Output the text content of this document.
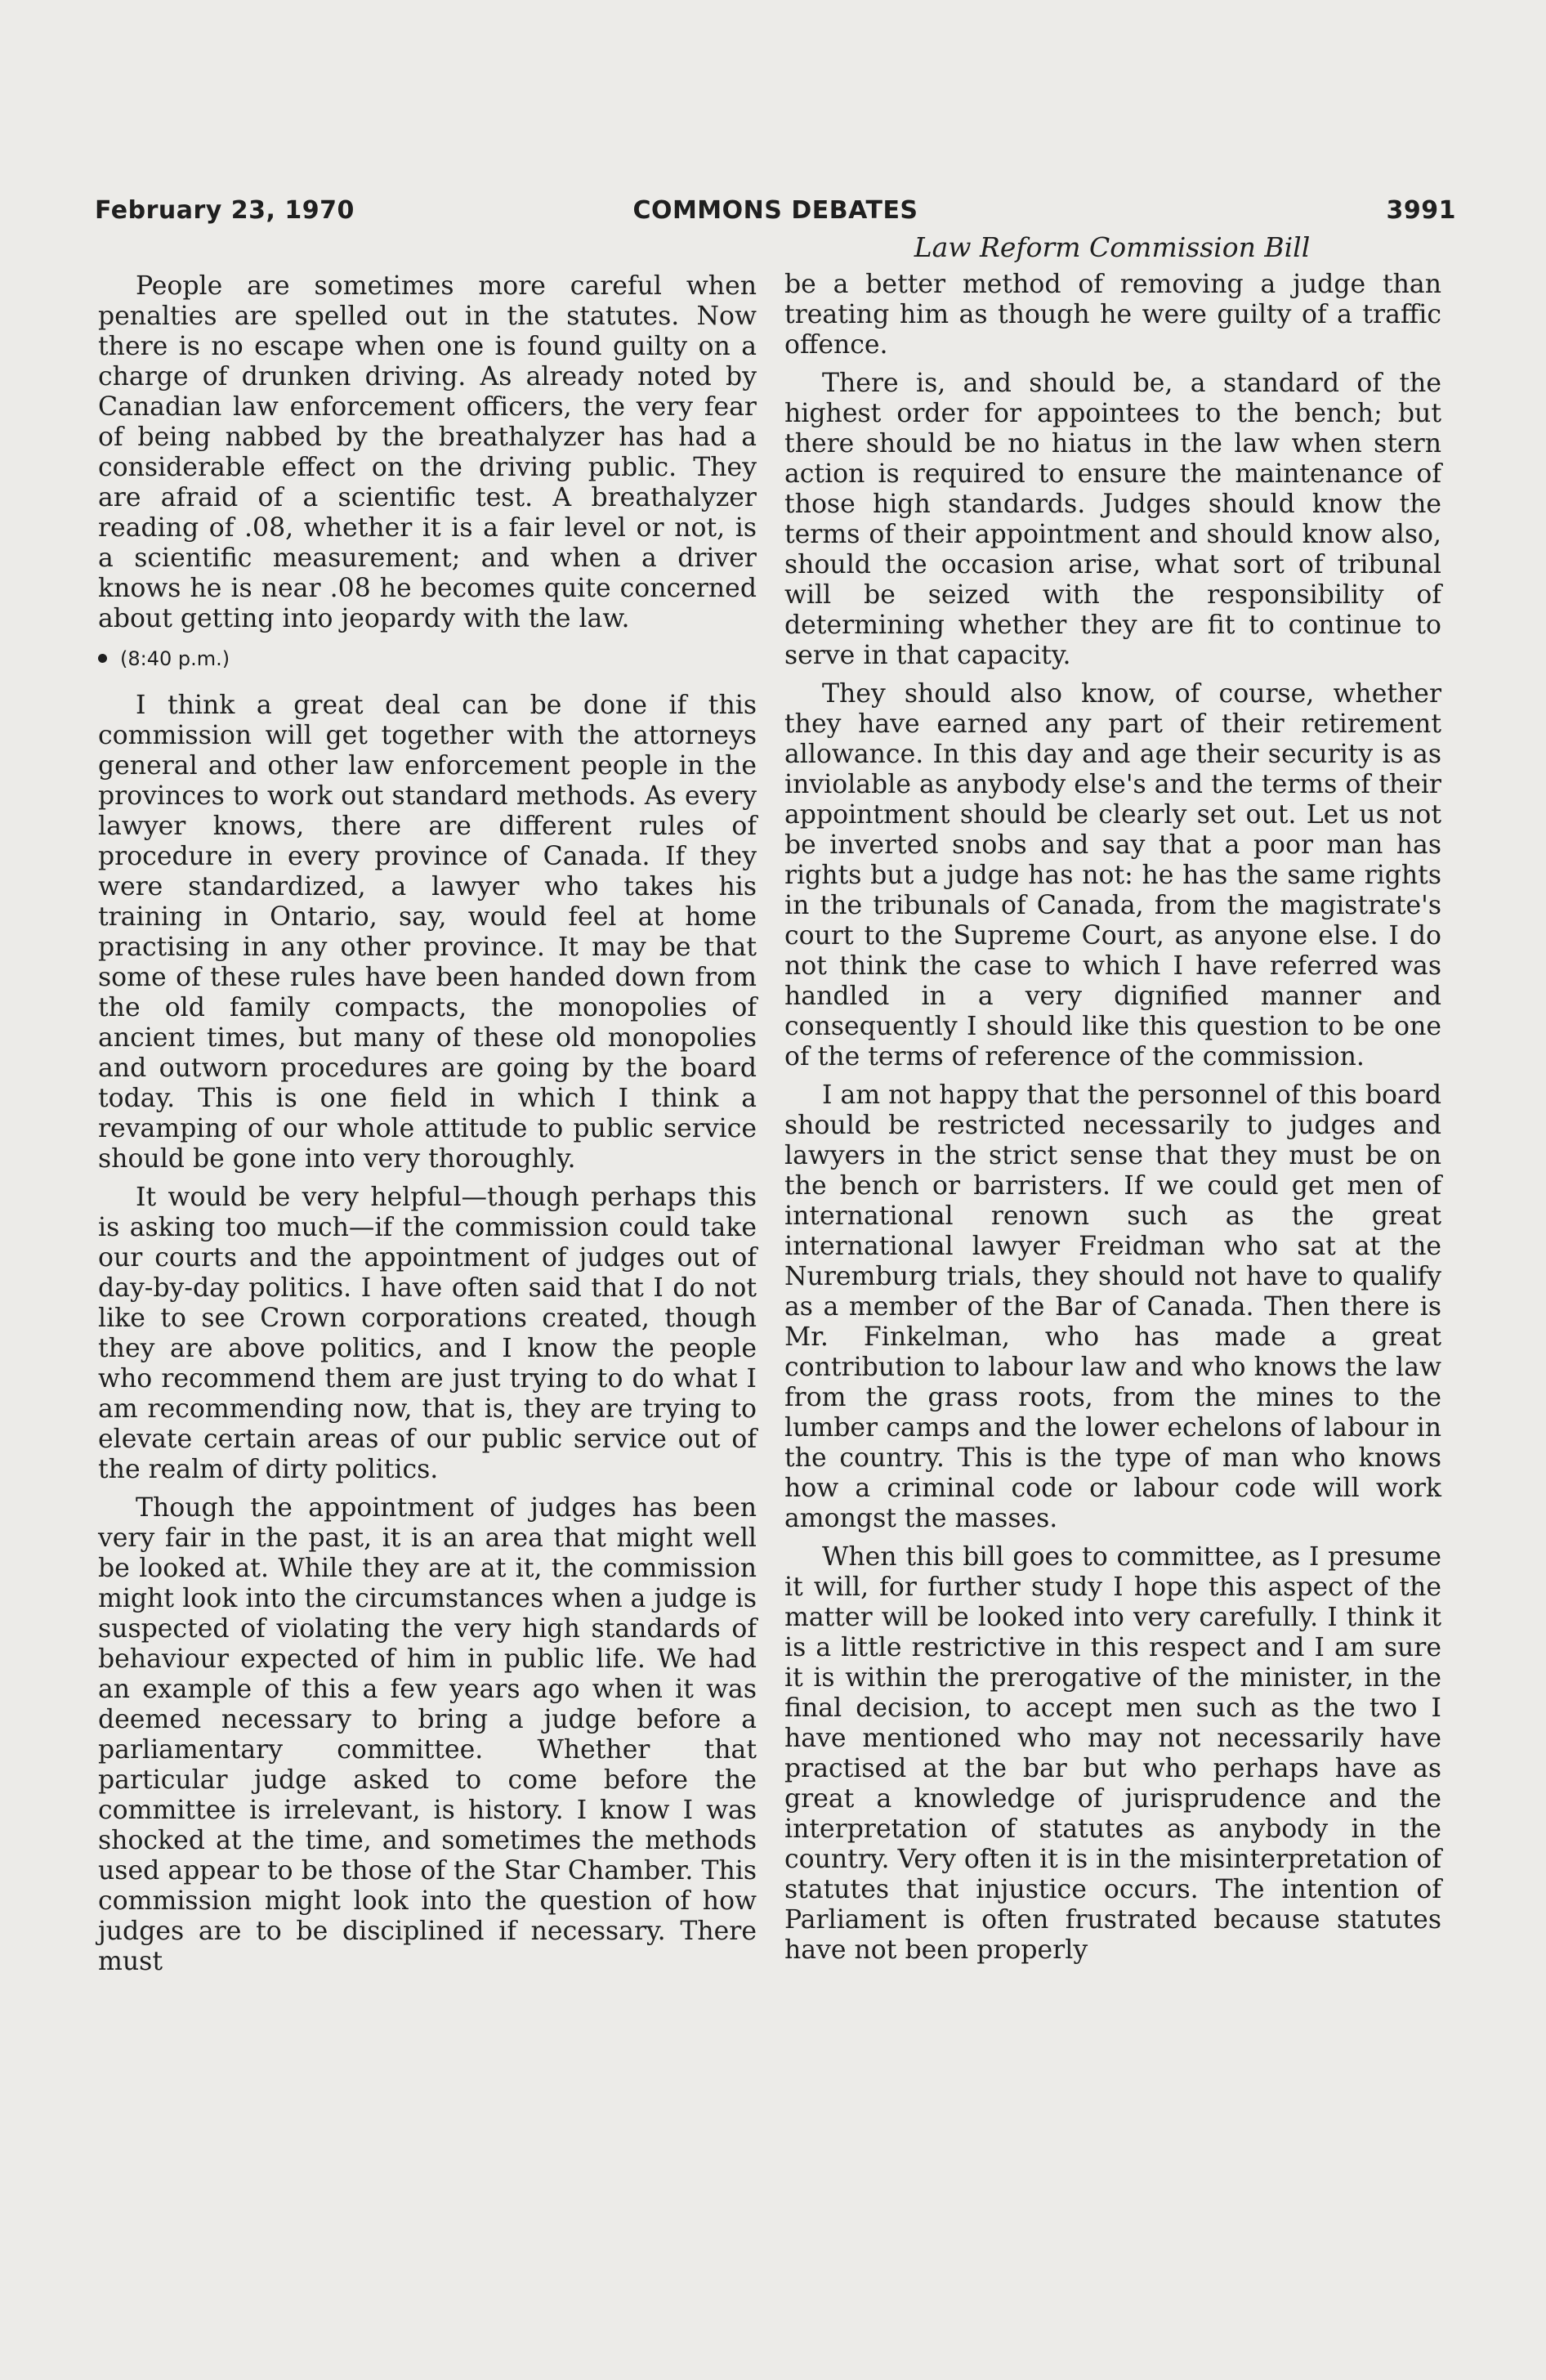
February 23, 1970	COMMONS DEBATES	3991
Law Reform Commission Bill

People are sometimes more careful when penalties are spelled out in the statutes. Now there is no escape when one is found guilty on a charge of drunken driving. As already noted by Canadian law enforcement officers, the very fear of being nabbed by the breathalyzer has had a considerable effect on the driving public. They are afraid of a scientific test. A breathalyzer reading of .08, whether it is a fair level or not, is a scientific measurement; and when a driver knows he is near .08 he becomes quite concerned about getting into jeopardy with the law.

(8:40 p.m.)

I think a great deal can be done if this commission will get together with the attorneys general and other law enforcement people in the provinces to work out standard methods. As every lawyer knows, there are different rules of procedure in every province of Canada. If they were standardized, a lawyer who takes his training in Ontario, say, would feel at home practising in any other province. It may be that some of these rules have been handed down from the old family compacts, the monopolies of ancient times, but many of these old monopolies and outworn procedures are going by the board today. This is one field in which I think a revamping of our whole attitude to public service should be gone into very thoroughly.

It would be very helpful—though perhaps this is asking too much—if the commission could take our courts and the appointment of judges out of day-by-day politics. I have often said that I do not like to see Crown corporations created, though they are above politics, and I know the people who recommend them are just trying to do what I am recommending now, that is, they are trying to elevate certain areas of our public service out of the realm of dirty politics.

Though the appointment of judges has been very fair in the past, it is an area that might well be looked at. While they are at it, the commission might look into the circumstances when a judge is suspected of violating the very high standards of behaviour expected of him in public life. We had an example of this a few years ago when it was deemed necessary to bring a judge before a parliamentary committee. Whether that particular judge asked to come before the committee is irrelevant, is history. I know I was shocked at the time, and sometimes the methods used appear to be those of the Star Chamber. This commission might look into the question of how judges are to be disciplined if necessary. There must

be a better method of removing a judge than treating him as though he were guilty of a traffic offence.

There is, and should be, a standard of the highest order for appointees to the bench; but there should be no hiatus in the law when stern action is required to ensure the maintenance of those high standards. Judges should know the terms of their appointment and should know also, should the occasion arise, what sort of tribunal will be seized with the responsibility of determining whether they are fit to continue to serve in that capacity.

They should also know, of course, whether they have earned any part of their retirement allowance. In this day and age their security is as inviolable as anybody else's and the terms of their appointment should be clearly set out. Let us not be inverted snobs and say that a poor man has rights but a judge has not: he has the same rights in the tribunals of Canada, from the magistrate's court to the Supreme Court, as anyone else. I do not think the case to which I have referred was handled in a very dignified manner and consequently I should like this question to be one of the terms of reference of the commission.

I am not happy that the personnel of this board should be restricted necessarily to judges and lawyers in the strict sense that they must be on the bench or barristers. If we could get men of international renown such as the great international lawyer Freidman who sat at the Nuremburg trials, they should not have to qualify as a member of the Bar of Canada. Then there is Mr. Finkelman, who has made a great contribution to labour law and who knows the law from the grass roots, from the mines to the lumber camps and the lower echelons of labour in the country. This is the type of man who knows how a criminal code or labour code will work amongst the masses.

When this bill goes to committee, as I presume it will, for further study I hope this aspect of the matter will be looked into very carefully. I think it is a little restrictive in this respect and I am sure it is within the prerogative of the minister, in the final decision, to accept men such as the two I have mentioned who may not necessarily have practised at the bar but who perhaps have as great a knowledge of jurisprudence and the interpretation of statutes as anybody in the country. Very often it is in the misinterpretation of statutes that injustice occurs. The intention of Parliament is often frustrated because statutes have not been properly
